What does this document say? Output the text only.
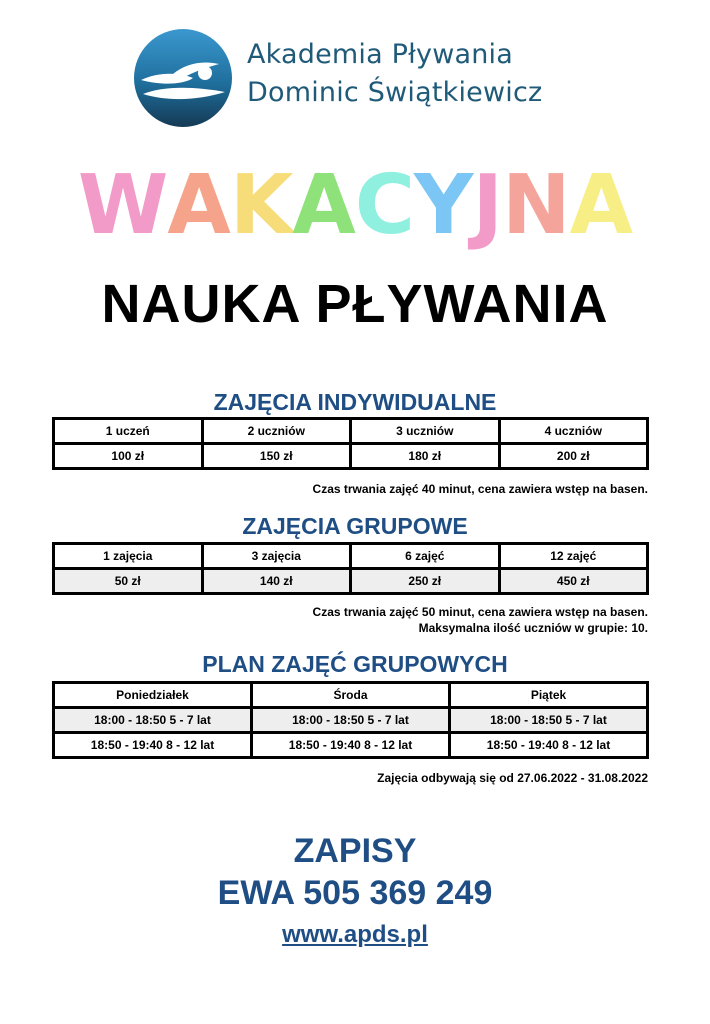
Akademia Pływania
Dominic Świątkiewicz
WAKACYJNA
NAUKA PŁYWANIA
ZAJĘCIA INDYWIDUALNE
1 uczeń	2 uczniów	3 uczniów	4 uczniów
100 zł	150 zł	180 zł	200 zł
Czas trwania zajęć 40 minut, cena zawiera wstęp na basen.
ZAJĘCIA GRUPOWE
1 zajęcia	3 zajęcia	6 zajęć	12 zajęć
50 zł	140 zł	250 zł	450 zł
Czas trwania zajęć 50 minut, cena zawiera wstęp na basen.
Maksymalna ilość uczniów w grupie: 10.
PLAN ZAJĘĆ GRUPOWYCH
Poniedziałek	Środa	Piątek
18:00 - 18:50 5 - 7 lat	18:00 - 18:50 5 - 7 lat	18:00 - 18:50 5 - 7 lat
18:50 - 19:40 8 - 12 lat	18:50 - 19:40 8 - 12 lat	18:50 - 19:40 8 - 12 lat
Zajęcia odbywają się od 27.06.2022 - 31.08.2022
ZAPISY
EWA 505 369 249
www.apds.pl
